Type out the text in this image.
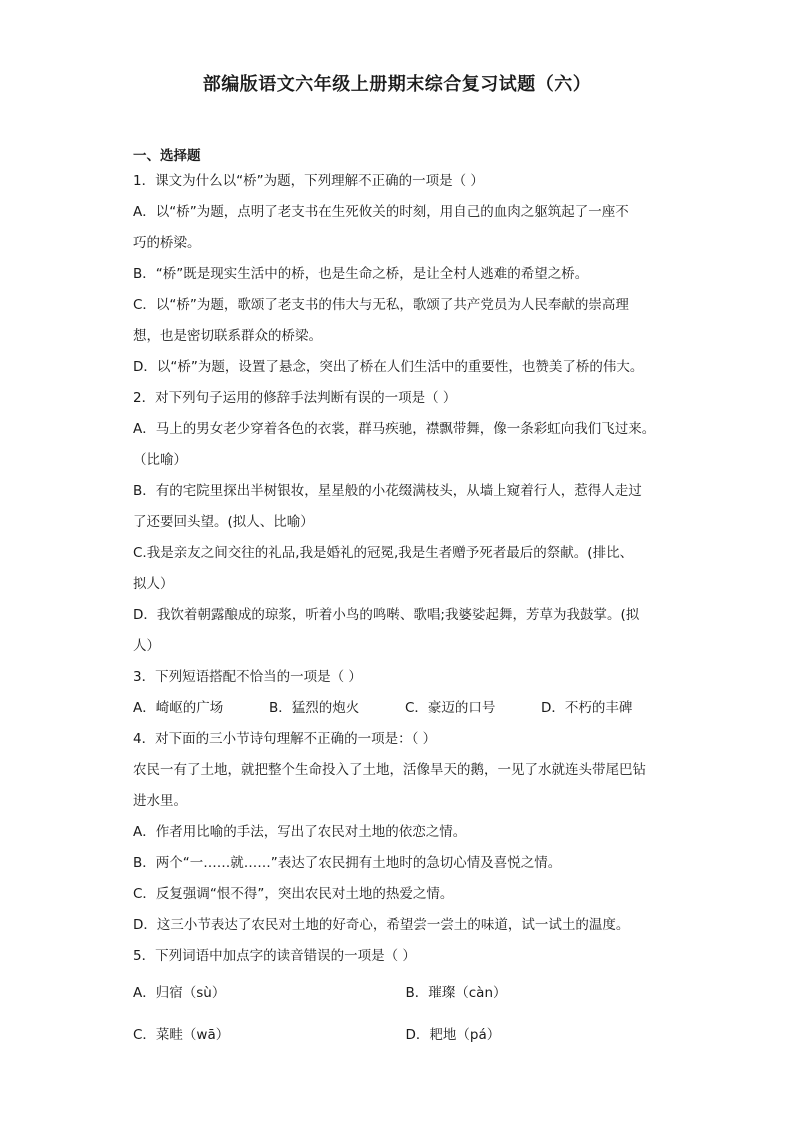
部编版语文六年级上册期末综合复习试题（六）
一、选择题
1．课文为什么以“桥”为题，下列理解不正确的一项是（ ）
A．以“桥”为题，点明了老支书在生死攸关的时刻，用自己的血肉之躯筑起了一座不
巧的桥梁。
B．“桥”既是现实生活中的桥，也是生命之桥，是让全村人逃难的希望之桥。
C．以“桥”为题，歌颂了老支书的伟大与无私，歌颂了共产党员为人民奉献的崇高理
想，也是密切联系群众的桥梁。
D．以“桥”为题，设置了悬念，突出了桥在人们生活中的重要性，也赞美了桥的伟大。
2．对下列句子运用的修辞手法判断有误的一项是（ ）
A．马上的男女老少穿着各色的衣裳，群马疾驰，襟飘带舞，像一条彩虹向我们飞过来。
（比喻）
B．有的宅院里探出半树银妆，星星般的小花缀满枝头，从墙上窥着行人，惹得人走过
了还要回头望。(拟人、比喻）
C.我是亲友之间交往的礼品,我是婚礼的冠冕,我是生者赠予死者最后的祭献。(排比、
拟人）
D．我饮着朝露酿成的琼浆，听着小鸟的鸣啭、歌唱;我婆娑起舞，芳草为我鼓掌。(拟
人）
3．下列短语搭配不恰当的一项是（ ）
A．崎岖的广场	B．猛烈的炮火	C．豪迈的口号	D．不朽的丰碑
4．对下面的三小节诗句理解不正确的一项是：（ ）
农民一有了土地，就把整个生命投入了土地，活像旱天的鹅，一见了水就连头带尾巴钻
进水里。
A．作者用比喻的手法，写出了农民对土地的依恋之情。
B．两个“一……就……”表达了农民拥有土地时的急切心情及喜悦之情。
C．反复强调“恨不得”，突出农民对土地的热爱之情。
D．这三小节表达了农民对土地的好奇心，希望尝一尝土的味道，试一试土的温度。
5．下列词语中加点字的读音错误的一项是（ ）
A．归宿（sù）	B．璀璨（càn）
C．菜畦（wā）	D．耙地（pá）
